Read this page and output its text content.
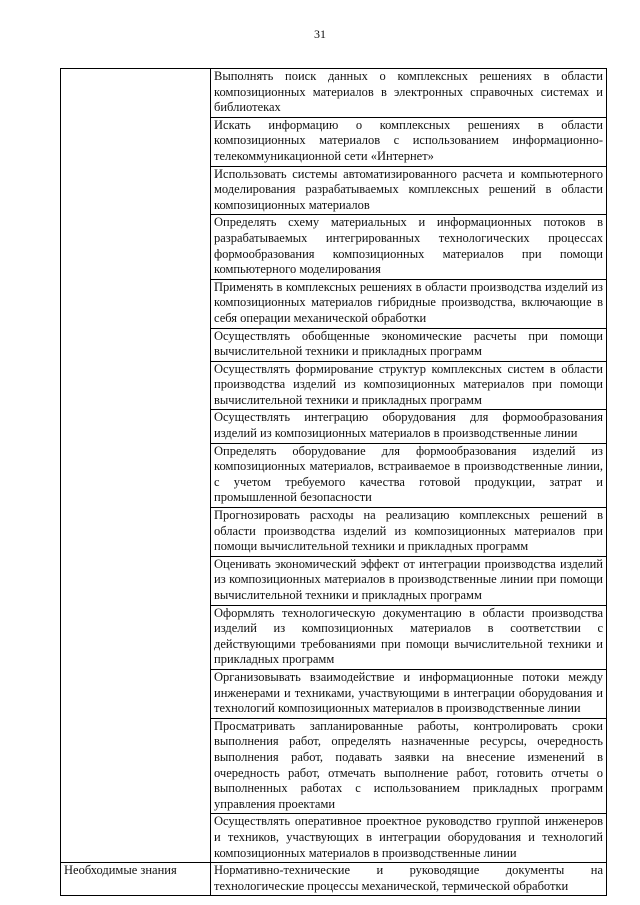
31
	Выполнять поиск данных о комплексных решениях в области композиционных материалов в электронных справочных системах и библиотеках
	Искать информацию о комплексных решениях в области композиционных материалов с использованием информационно-телекоммуникационной сети «Интернет»
	Использовать системы автоматизированного расчета и компьютерного моделирования разрабатываемых комплексных решений в области композиционных материалов
	Определять схему материальных и информационных потоков в разрабатываемых интегрированных технологических процессах формообразования композиционных материалов при помощи компьютерного моделирования
	Применять в комплексных решениях в области производства изделий из композиционных материалов гибридные производства, включающие в себя операции механической обработки
	Осуществлять обобщенные экономические расчеты при помощи вычислительной техники и прикладных программ
	Осуществлять формирование структур комплексных систем в области производства изделий из композиционных материалов при помощи вычислительной техники и прикладных программ
	Осуществлять интеграцию оборудования для формообразования изделий из композиционных материалов в производственные линии
	Определять оборудование для формообразования изделий из композиционных материалов, встраиваемое в производственные линии, с учетом требуемого качества готовой продукции, затрат и промышленной безопасности
	Прогнозировать расходы на реализацию комплексных решений в области производства изделий из композиционных материалов при помощи вычислительной техники и прикладных программ
	Оценивать экономический эффект от интеграции производства изделий из композиционных материалов в производственные линии при помощи вычислительной техники и прикладных программ
	Оформлять технологическую документацию в области производства изделий из композиционных материалов в соответствии с действующими требованиями при помощи вычислительной техники и прикладных программ
	Организовывать взаимодействие и информационные потоки между инженерами и техниками, участвующими в интеграции оборудования и технологий композиционных материалов в производственные линии
	Просматривать запланированные работы, контролировать сроки выполнения работ, определять назначенные ресурсы, очередность выполнения работ, подавать заявки на внесение изменений в очередность работ, отмечать выполнение работ, готовить отчеты о выполненных работах с использованием прикладных программ управления проектами
	Осуществлять оперативное проектное руководство группой инженеров и техников, участвующих в интеграции оборудования и технологий композиционных материалов в производственные линии
Необходимые знания	Нормативно-технические и руководящие документы на технологические процессы механической, термической обработки
